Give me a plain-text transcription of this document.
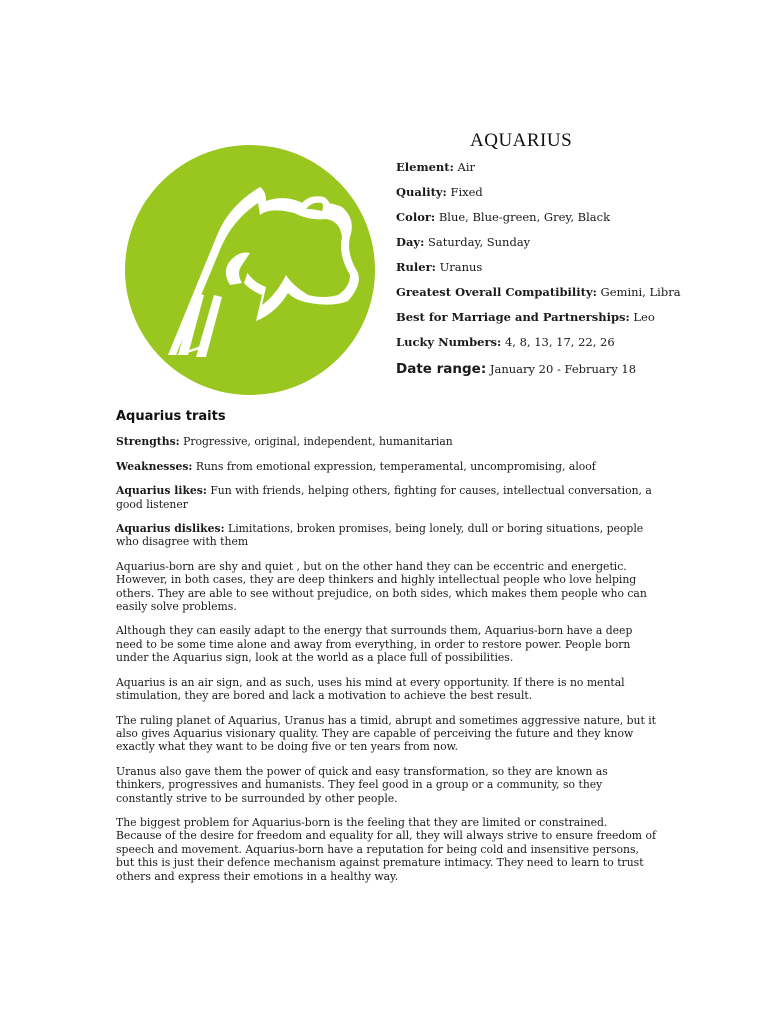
AQUARIUS
Element: Air
Quality: Fixed
Color: Blue, Blue-green, Grey, Black
Day: Saturday, Sunday
Ruler: Uranus
Greatest Overall Compatibility: Gemini, Libra
Best for Marriage and Partnerships: Leo
Lucky Numbers: 4, 8, 13, 17, 22, 26
Date range: January 20 - February 18
Aquarius traits

Strengths: Progressive, original, independent, humanitarian

Weaknesses: Runs from emotional expression, temperamental, uncompromising, aloof

Aquarius likes: Fun with friends, helping others, fighting for causes, intellectual conversation, a good listener

Aquarius dislikes: Limitations, broken promises, being lonely, dull or boring situations, people who disagree with them

Aquarius-born are shy and quiet , but on the other hand they can be eccentric and energetic. However, in both cases, they are deep thinkers and highly intellectual people who love helping others. They are able to see without prejudice, on both sides, which makes them people who can easily solve problems.

Although they can easily adapt to the energy that surrounds them, Aquarius-born have a deep need to be some time alone and away from everything, in order to restore power. People born under the Aquarius sign, look at the world as a place full of possibilities.

Aquarius is an air sign, and as such, uses his mind at every opportunity. If there is no mental stimulation, they are bored and lack a motivation to achieve the best result.

The ruling planet of Aquarius, Uranus has a timid, abrupt and sometimes aggressive nature, but it also gives Aquarius visionary quality. They are capable of perceiving the future and they know exactly what they want to be doing five or ten years from now.

Uranus also gave them the power of quick and easy transformation, so they are known as thinkers, progressives and humanists. They feel good in a group or a community, so they constantly strive to be surrounded by other people.

The biggest problem for Aquarius-born is the feeling that they are limited or constrained. Because of the desire for freedom and equality for all, they will always strive to ensure freedom of speech and movement. Aquarius-born have a reputation for being cold and insensitive persons, but this is just their defence mechanism against premature intimacy. They need to learn to trust others and express their emotions in a healthy way.
